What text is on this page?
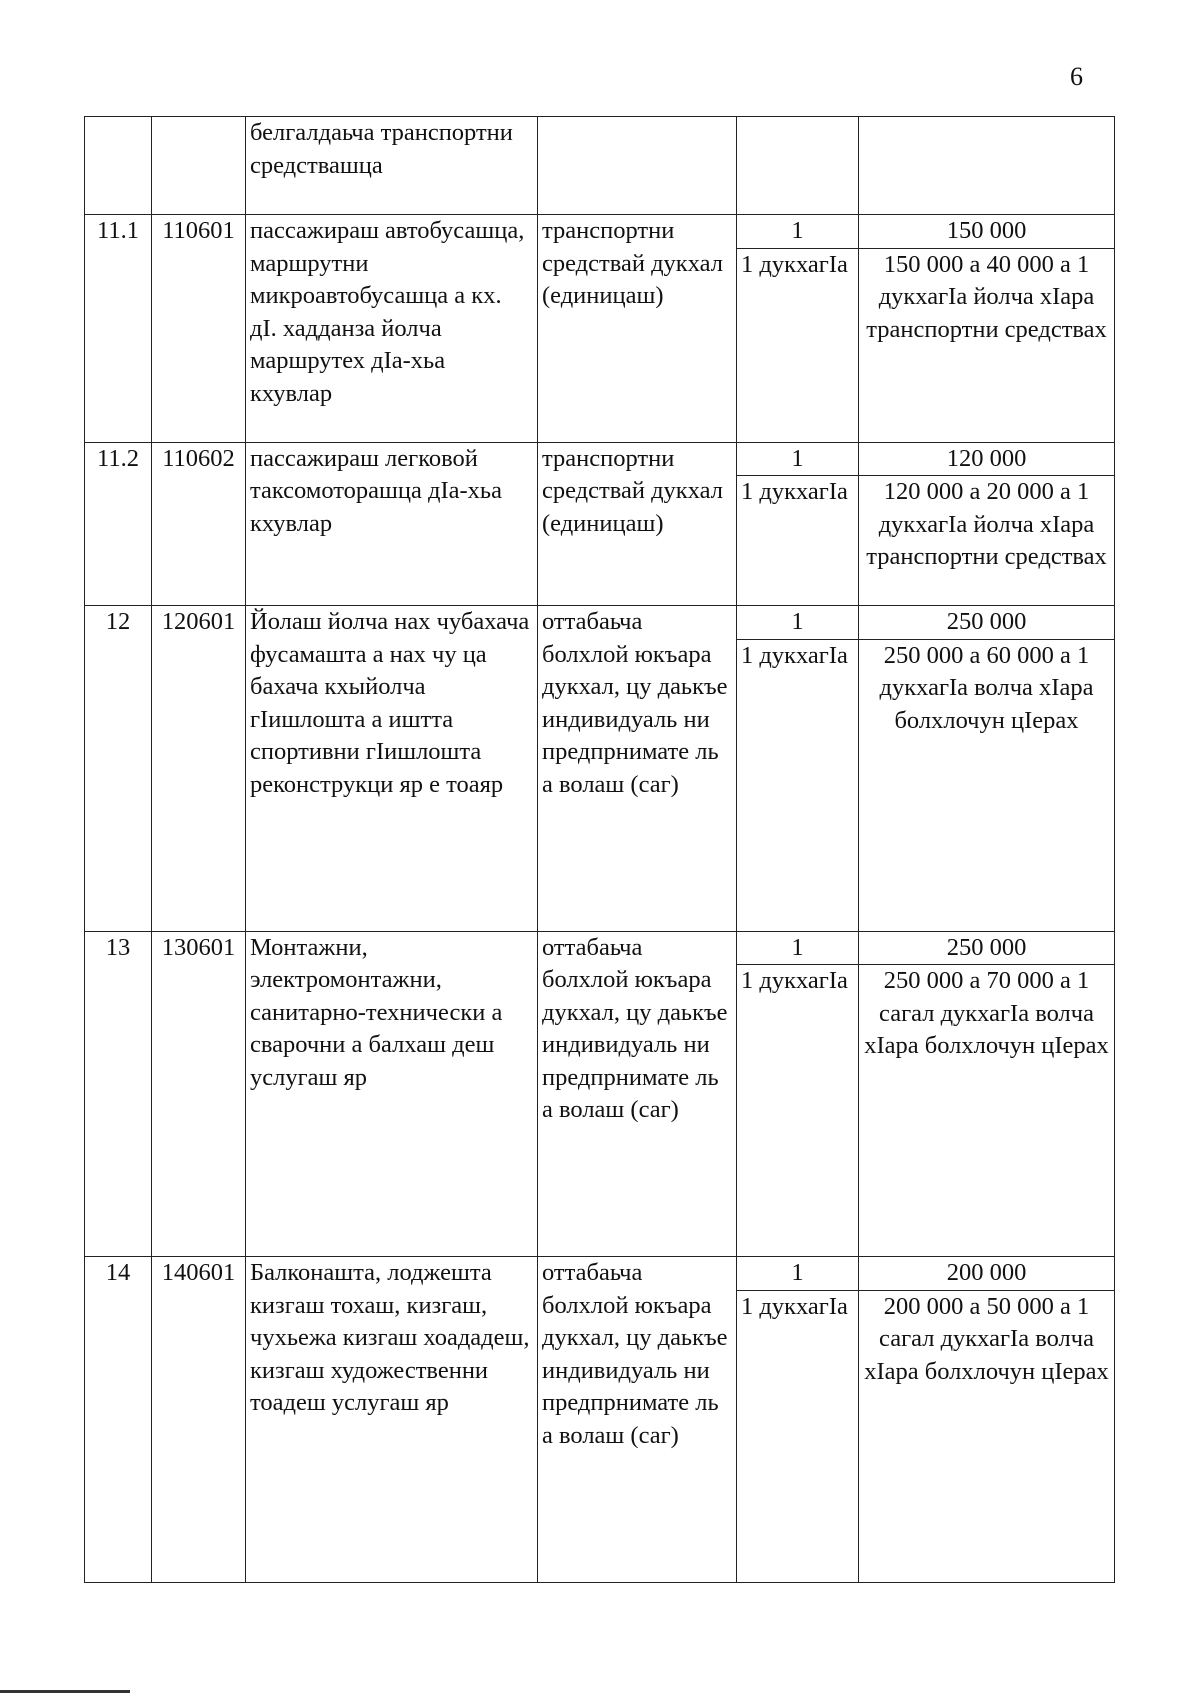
6

		белгалдаьча транспортни средствашца			

11.1	110601	пассажираш автобусашца, маршрутни микроавтобусашца а кх. дI. хадданза йолча маршрутех дIа-хьа кхувлар	транспортни средствай дукхал (единицаш)	1	150 000
				1 дукхагIа	150 000 а 40 000 а 1 дукхагIа йолча хIара транспортни средствах
11.2	110602	пассажираш легковой таксомоторашца дIа-хьа кхувлар	транспортни средствай дукхал (единицаш)	1	120 000
				1 дукхагIа	120 000 а 20 000 а 1 дукхагIа йолча хIара транспортни средствах
12	120601	Йолаш йолча нах чубахача фусамашта а нах чу ца бахача кхыйолча гIишлошта а иштта спортивни гIишлошта реконструкци яр е тоаяр	оттабаьча болхлой юкъара дукхал, цу даькъе индивидуаль ни предпрнимате ль а волаш (саг)	1	250 000
				1 дукхагIа	250 000 а 60 000 а 1 дукхагIа волча хIара болхлочун цIерах
13	130601	Монтажни, электромонтажни, санитарно-технически а сварочни а балхаш деш услугаш яр	оттабаьча болхлой юкъара дукхал, цу даькъе индивидуаль ни предпрнимате ль а волаш (саг)	1	250 000
				1 дукхагIа	250 000 а 70 000 а 1 сагал дукхагIа волча хIара болхлочун цIерах
14	140601	Балконашта, лоджешта кизгаш тохаш, кизгаш, чухьежа кизгаш хоададеш, кизгаш художественни тоадеш услугаш яр	оттабаьча болхлой юкъара дукхал, цу даькъе индивидуаль ни предпрнимате ль а волаш (саг)	1	200 000
				1 дукхагIа	200 000 а 50 000 а 1 сагал дукхагIа волча хIара болхлочун цIерах
